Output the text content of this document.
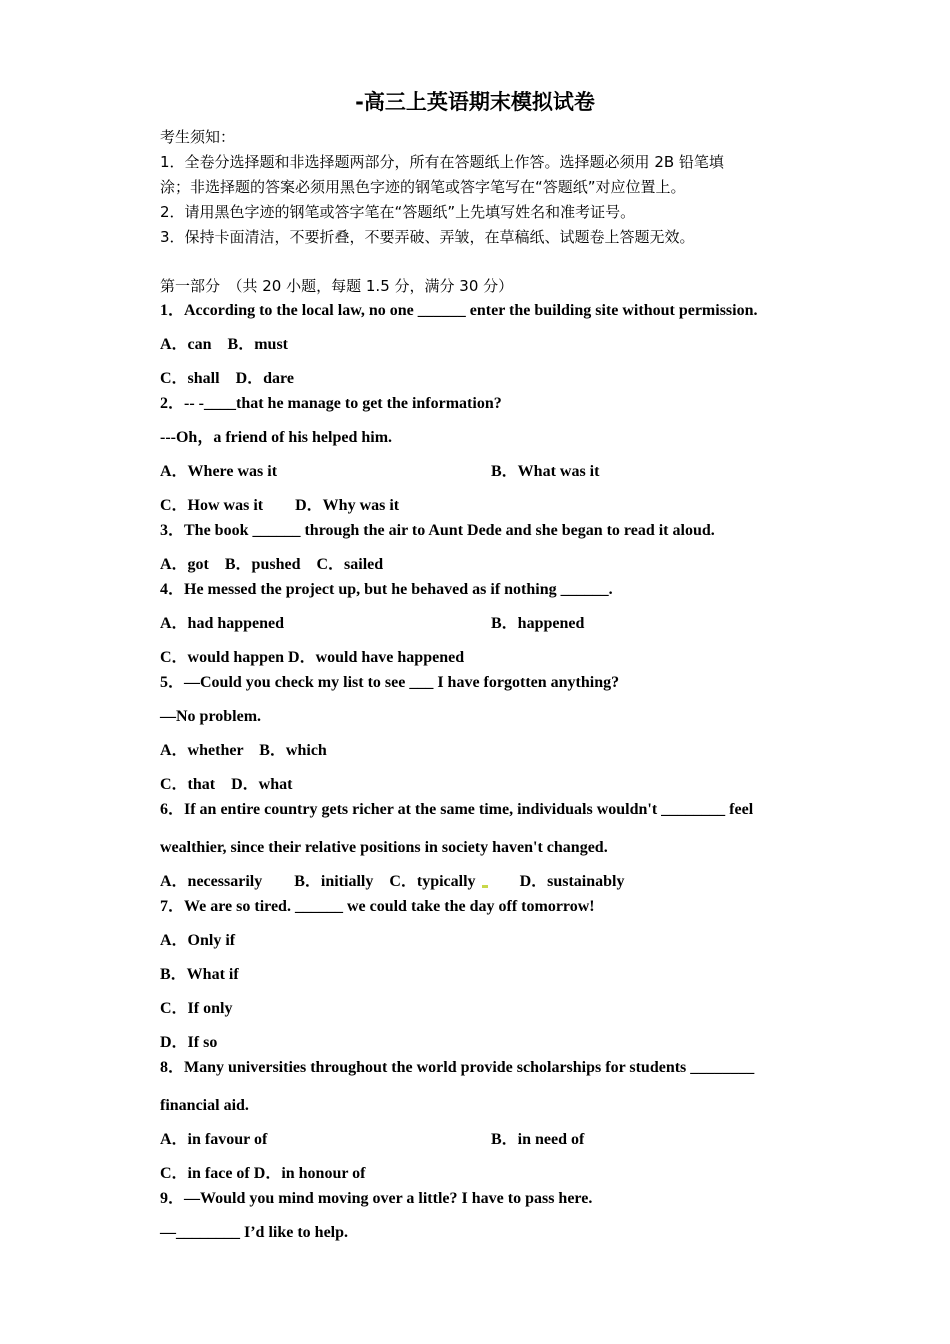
-高三上英语期末模拟试卷
考生须知：
1．全卷分选择题和非选择题两部分，所有在答题纸上作答。选择题必须用 2B 铅笔填
涂；非选择题的答案必须用黑色字迹的钢笔或答字笔写在“答题纸”对应位置上。
2．请用黑色字迹的钢笔或答字笔在“答题纸”上先填写姓名和准考证号。
3．保持卡面清洁，不要折叠，不要弄破、弄皱，在草稿纸、试题卷上答题无效。
第一部分　（共 20 小题，每题 1.5 分，满分 30 分）
1．According to the local law, no one ______ enter the building site without permission.
A．can　B．must
C．shall　D．dare
2．-- -____that he manage to get the information?
---Oh，a friend of his helped him.
A．Where was it	B．What was it
C．How was it　　D．Why was it
3．The book ______ through the air to Aunt Dede and she began to read it aloud.
A．got　B．pushed　C．sailed
4．He messed the project up, but he behaved as if nothing ______.
A．had happened	B．happened
C．would happen D．would have happened
5．—Could you check my list to see ___ I have forgotten anything?
—No problem.
A．whether　B．which
C．that　D．what
6．If an entire country gets richer at the same time, individuals wouldn't ________ feel
wealthier, since their relative positions in society haven't changed.
A．necessarily　　B．initially　C．typically	D．sustainably
7．We are so tired. ______ we could take the day off tomorrow!
A．Only if
B．What if
C．If only
D．If so
8．Many universities throughout the world provide scholarships for students ________
financial aid.
A．in favour of	B．in need of
C．in face of D．in honour of
9．—Would you mind moving over a little? I have to pass here.
—________ I’d like to help.
